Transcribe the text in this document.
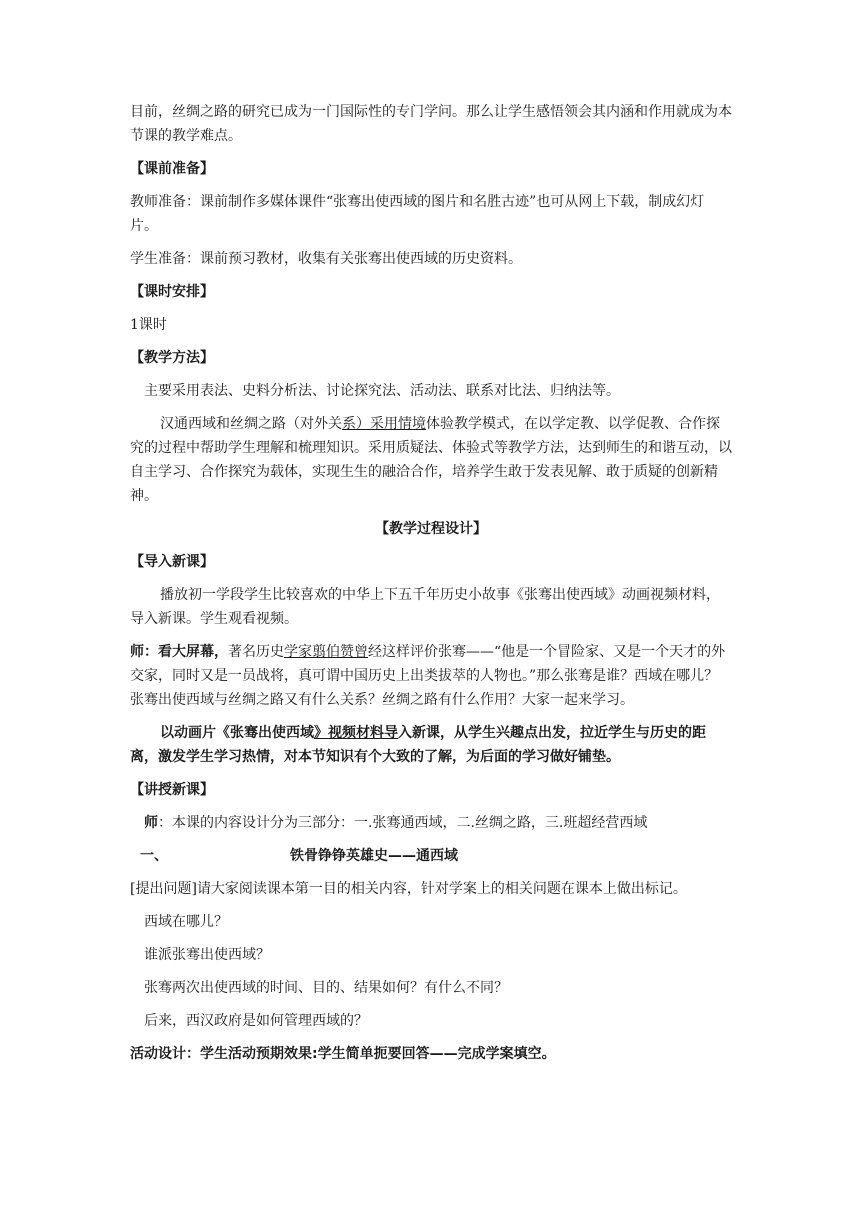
目前，丝绸之路的研究已成为一门国际性的专门学问。那么让学生感悟领会其内涵和作用就成为本节课的教学难点。

【课前准备】

教师准备：课前制作多媒体课件“张骞出使西域的图片和名胜古迹”也可从网上下载，制成幻灯片。

学生准备：课前预习教材，收集有关张骞出使西域的历史资料。

【课时安排】

1课时

【教学方法】

主要采用表法、史料分析法、讨论探究法、活动法、联系对比法、归纳法等。

汉通西域和丝绸之路（对外关系）采用情境体验教学模式，在以学定教、以学促教、合作探究的过程中帮助学生理解和梳理知识。采用质疑法、体验式等教学方法，达到师生的和谐互动，以自主学习、合作探究为载体，实现生生的融洽合作，培养学生敢于发表见解、敢于质疑的创新精神。

【教学过程设计】

【导入新课】

播放初一学段学生比较喜欢的中华上下五千年历史小故事《张骞出使西域》动画视频材料，导入新课。学生观看视频。

师：看大屏幕，著名历史学家翦伯赞曾经这样评价张骞——“他是一个冒险家、又是一个天才的外交家，同时又是一员战将，真可谓中国历史上出类拔萃的人物也。”那么张骞是谁？西域在哪儿？张骞出使西域与丝绸之路又有什么关系？丝绸之路有什么作用？大家一起来学习。

以动画片《张骞出使西域》视频材料导入新课，从学生兴趣点出发，拉近学生与历史的距离，激发学生学习热情，对本节知识有个大致的了解，为后面的学习做好铺垫。

【讲授新课】

师：本课的内容设计分为三部分：一.张骞通西域，二.丝绸之路，三.班超经营西域

一、	铁骨铮铮英雄史——通西域

[提出问题]请大家阅读课本第一目的相关内容，针对学案上的相关问题在课本上做出标记。

西域在哪儿？

谁派张骞出使西域？

张骞两次出使西域的时间、目的、结果如何？有什么不同？

后来，西汉政府是如何管理西域的？

活动设计：学生活动预期效果:学生简单扼要回答——完成学案填空。
